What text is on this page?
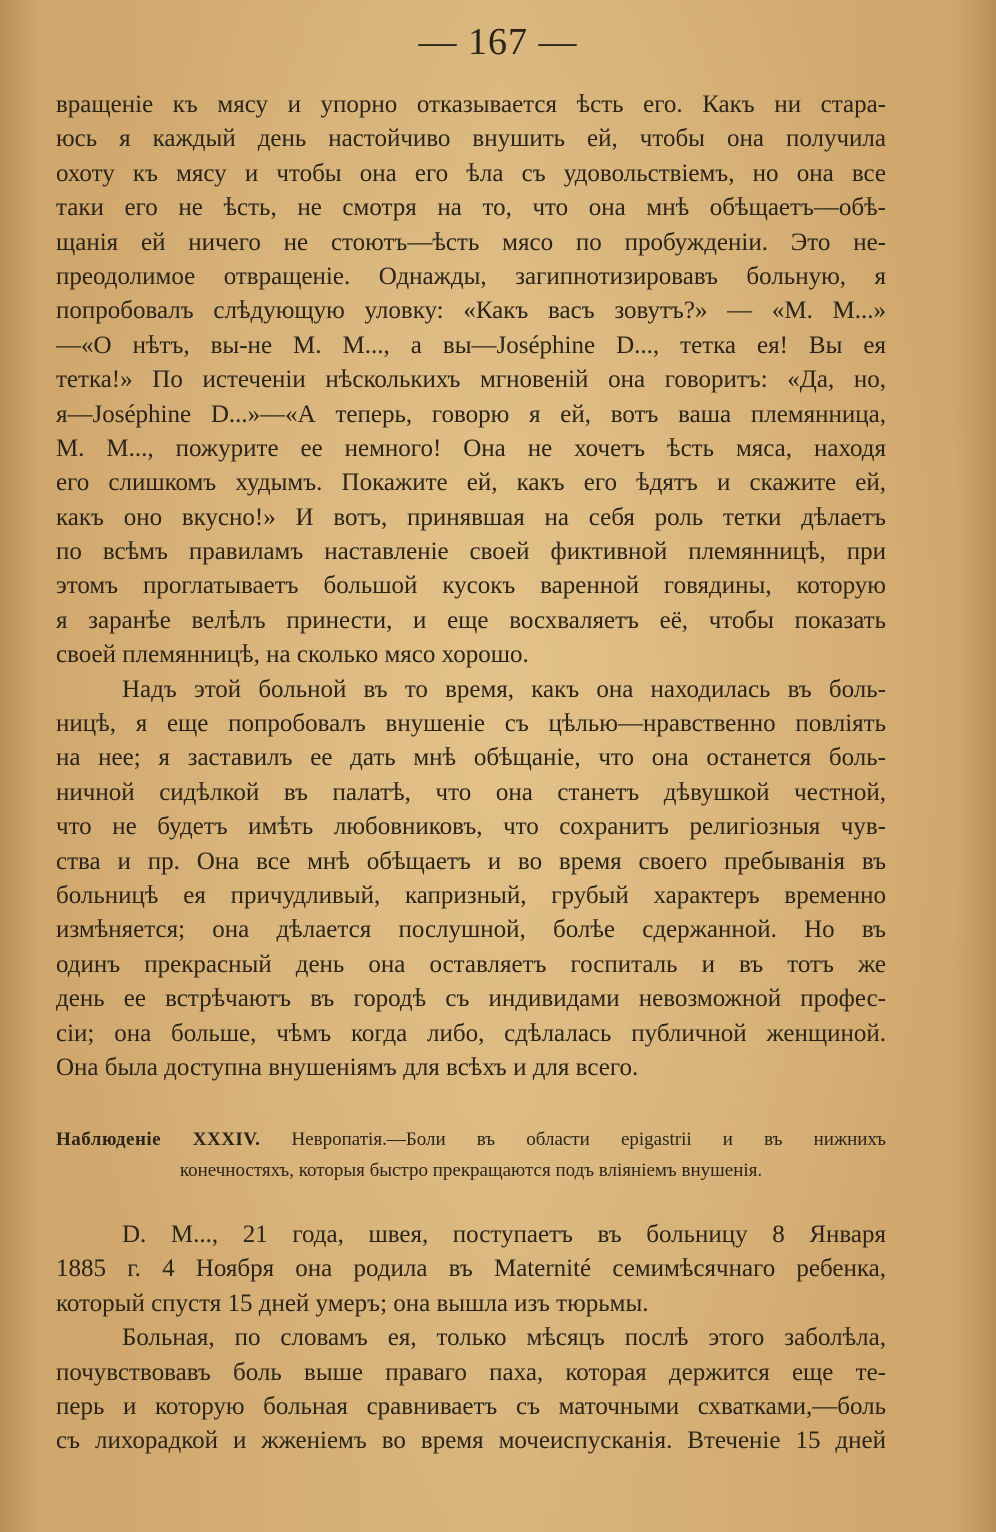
— 167 —
вращеніе къ мясу и упорно отказывается ѣсть его. Какъ ни стара-
юсь я каждый день настойчиво внушить ей, чтобы она получила
охоту къ мясу и чтобы она его ѣла съ удовольствіемъ, но она все
таки его не ѣсть, не смотря на то, что она мнѣ обѣщаетъ—обѣ-
щанія ей ничего не стоютъ—ѣсть мясо по пробужденіи. Это не-
преодолимое отвращеніе. Однажды, загипнотизировавъ больную, я
попробовалъ слѣдующую уловку: «Какъ васъ зовутъ?» — «М. М...»
—«О нѣтъ, вы-не М. М..., а вы—Joséphine D..., тетка ея! Вы ея
тетка!» По истеченіи нѣсколькихъ мгновеній она говоритъ: «Да, но,
я—Joséphine D...»—«А теперь, говорю я ей, вотъ ваша племянница,
М. М..., пожурите ее немного! Она не хочетъ ѣсть мяса, находя
его слишкомъ худымъ. Покажите ей, какъ его ѣдятъ и скажите ей,
какъ оно вкусно!» И вотъ, принявшая на себя роль тетки дѣлаетъ
по всѣмъ правиламъ наставленіе своей фиктивной племянницѣ, при
этомъ проглатываетъ большой кусокъ варенной говядины, которую
я заранѣе велѣлъ принести, и еще восхваляетъ её, чтобы показать
своей племянницѣ, на сколько мясо хорошо.
Надъ этой больной въ то время, какъ она находилась въ боль-
ницѣ, я еще попробовалъ внушеніе съ цѣлью—нравственно повліять
на нее; я заставилъ ее дать мнѣ обѣщаніе, что она останется боль-
ничной сидѣлкой въ палатѣ, что она станетъ дѣвушкой честной,
что не будетъ имѣть любовниковъ, что сохранитъ религіозныя чув-
ства и пр. Она все мнѣ обѣщаетъ и во время своего пребыванія въ
больницѣ ея причудливый, капризный, грубый характеръ временно
измѣняется; она дѣлается послушной, болѣе сдержанной. Но въ
одинъ прекрасный день она оставляетъ госпиталь и въ тотъ же
день ее встрѣчаютъ въ городѣ съ индивидами невозможной профес-
сіи; она больше, чѣмъ когда либо, сдѣлалась публичной женщиной.
Она была доступна внушеніямъ для всѣхъ и для всего.
Наблюденіе XXXIV. Невропатія.—Боли въ области epigastrii и въ нижнихъ
конечностяхъ, которыя быстро прекращаются подъ вліяніемъ внушенія.
D. M..., 21 года, швея, поступаетъ въ больницу 8 Января
1885 г. 4 Ноября она родила въ Maternité семимѣсячнаго ребенка,
который спустя 15 дней умеръ; она вышла изъ тюрьмы.
Больная, по словамъ ея, только мѣсяцъ послѣ этого заболѣла,
почувствовавъ боль выше праваго паха, которая держится еще те-
перь и которую больная сравниваетъ съ маточными схватками,—боль
съ лихорадкой и жженіемъ во время мочеиспусканія. Втеченіе 15 дней
